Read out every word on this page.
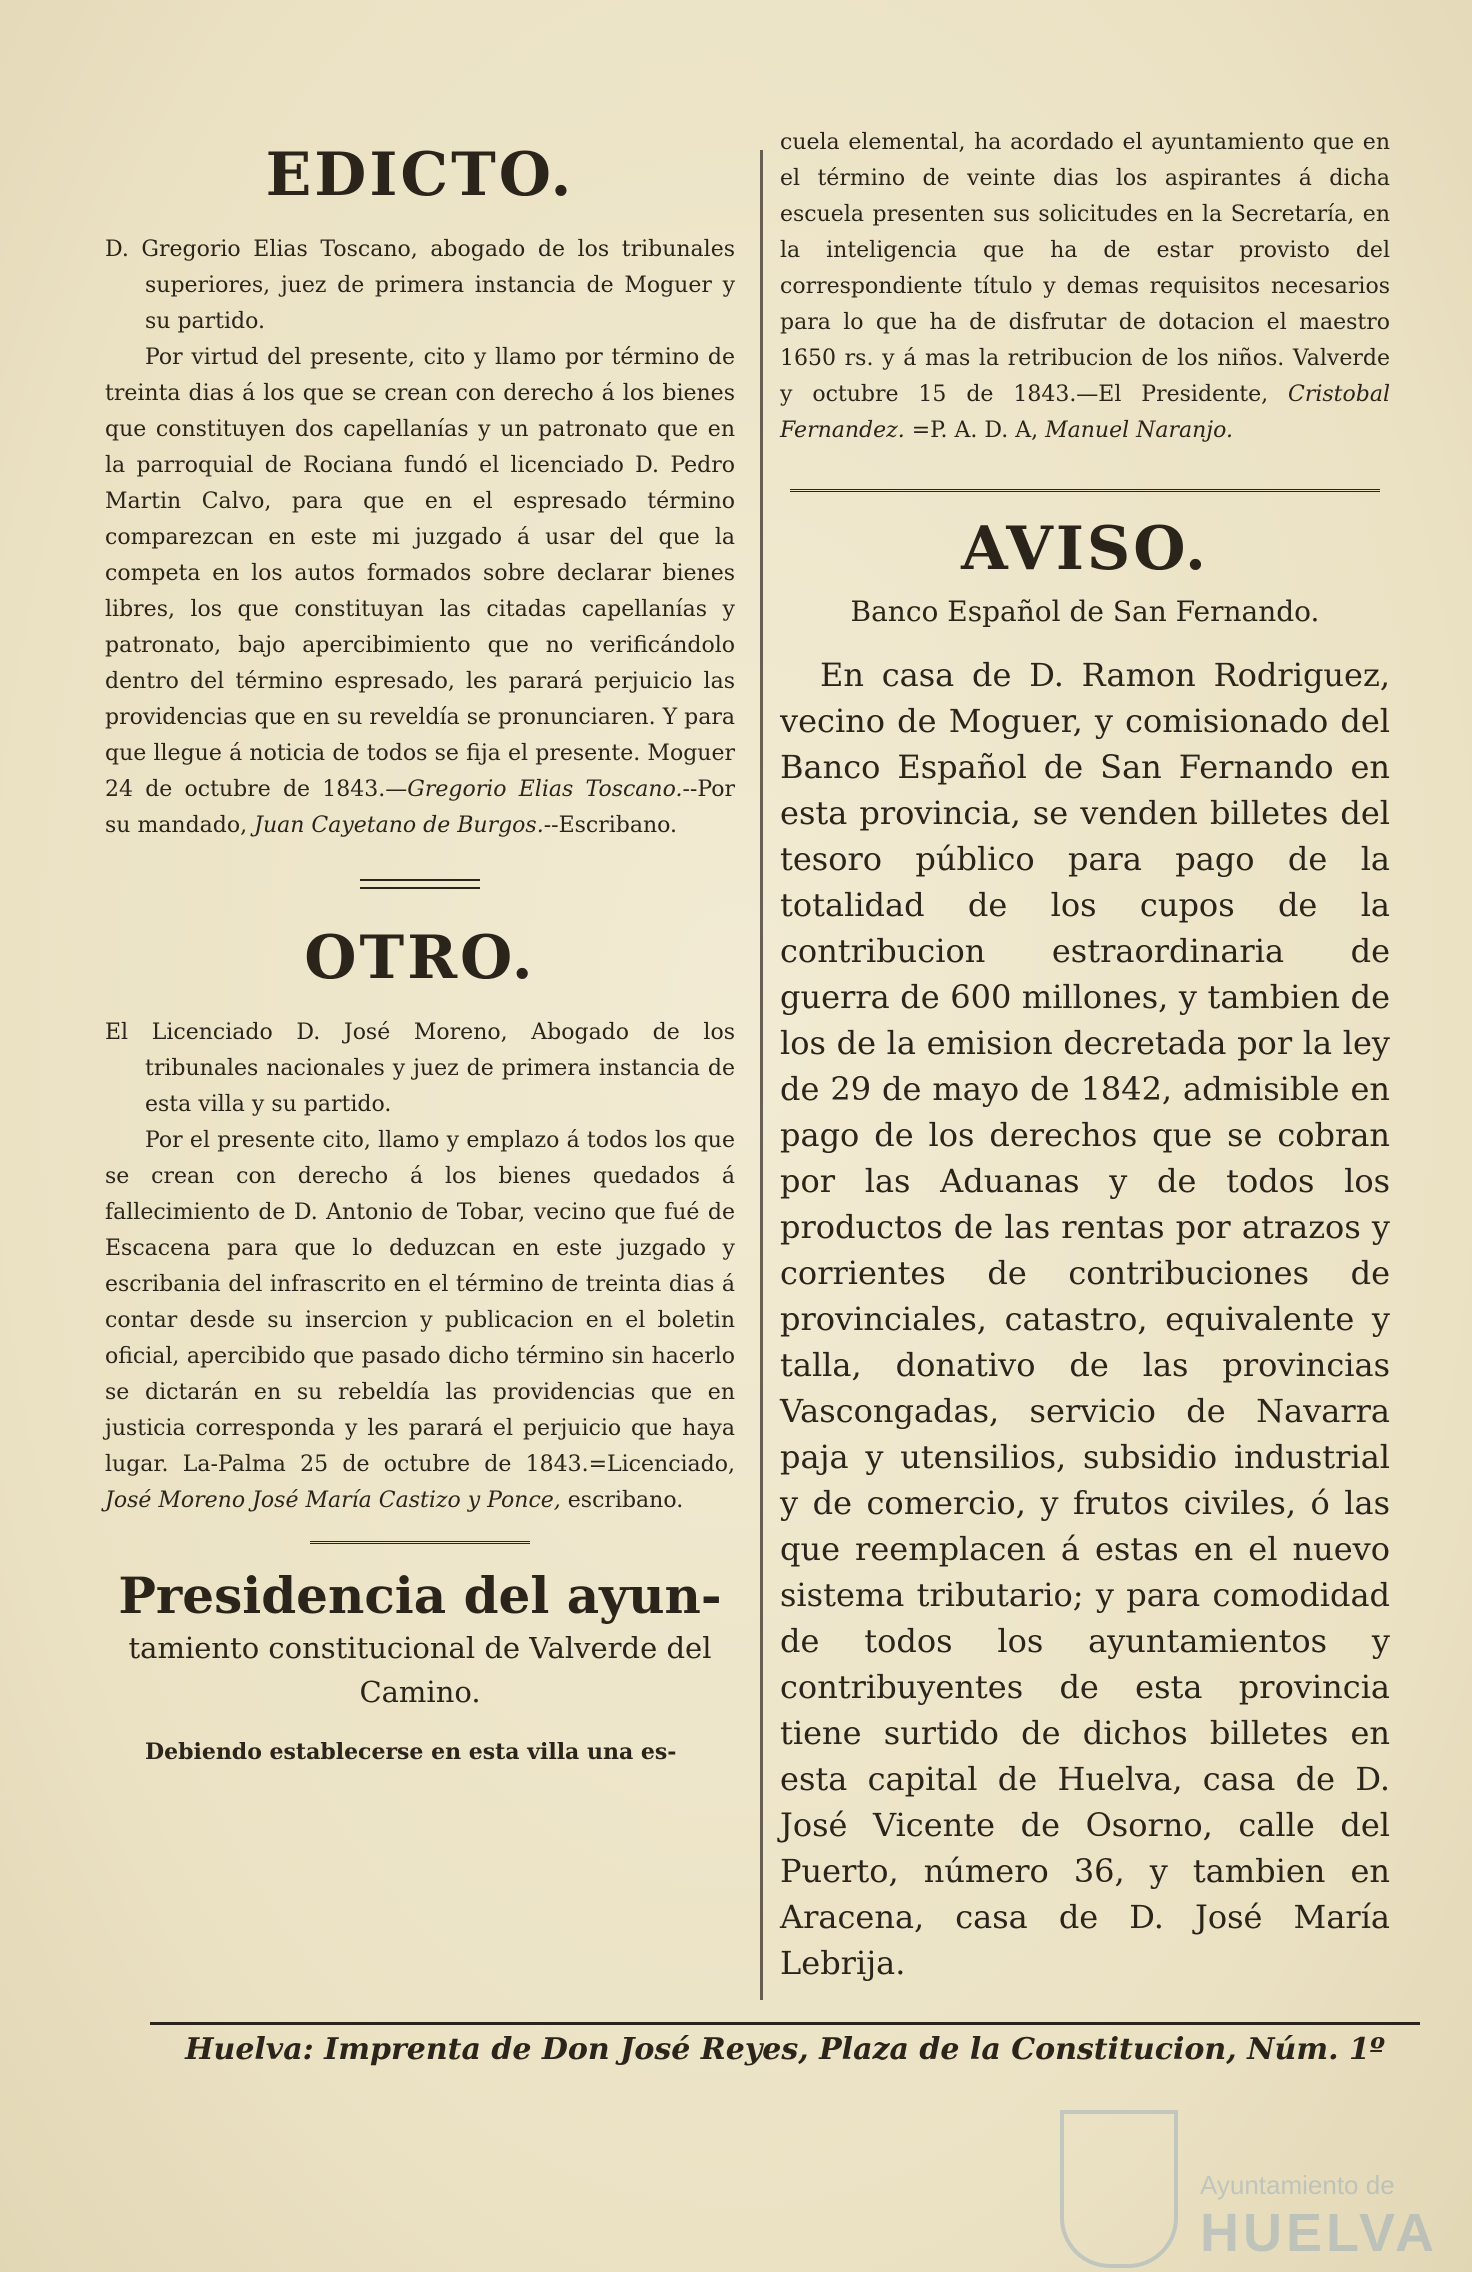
EDICTO.

D. Gregorio Elias Toscano, abogado de los tribunales superiores, juez de primera instancia de Moguer y su partido.

Por virtud del presente, cito y llamo por término de treinta dias á los que se crean con derecho á los bienes que constituyen dos capellanías y un patronato que en la parroquial de Rociana fundó el licenciado D. Pedro Martin Calvo, para que en el espresado término comparezcan en este mi juzgado á usar del que la competa en los autos formados sobre declarar bienes libres, los que constituyan las citadas capellanías y patronato, bajo apercibimiento que no verificándolo dentro del término espresado, les parará perjuicio las providencias que en su reveldía se pronunciaren. Y para que llegue á noticia de todos se fija el presente. Moguer 24 de octubre de 1843.—Gregorio Elias Toscano.--Por su mandado, Juan Cayetano de Burgos.--Escribano.

OTRO.

El Licenciado D. José Moreno, Abogado de los tribunales nacionales y juez de primera instancia de esta villa y su partido.

Por el presente cito, llamo y emplazo á todos los que se crean con derecho á los bienes quedados á fallecimiento de D. Antonio de Tobar, vecino que fué de Escacena para que lo deduzcan en este juzgado y escribania del infrascrito en el término de treinta dias á contar desde su insercion y publicacion en el boletin oficial, apercibido que pasado dicho término sin hacerlo se dictarán en su rebeldía las providencias que en justicia corresponda y les parará el perjuicio que haya lugar. La-Palma 25 de octubre de 1843.=Licenciado, José Moreno José María Castizo y Ponce, escribano.

Presidencia del ayun-

tamiento constitucional de Valverde del Camino.

Debiendo establecerse en esta villa una es-

cuela elemental, ha acordado el ayuntamiento que en el término de veinte dias los aspirantes á dicha escuela presenten sus solicitudes en la Secretaría, en la inteligencia que ha de estar provisto del correspondiente título y demas requisitos necesarios para lo que ha de disfrutar de dotacion el maestro 1650 rs. y á mas la retribucion de los niños. Valverde y octubre 15 de 1843.—El Presidente, Cristobal Fernandez. =P. A. D. A, Manuel Naranjo.

AVISO.

Banco Español de San Fernando.

En casa de D. Ramon Rodriguez, vecino de Moguer, y comisionado del Banco Español de San Fernando en esta provincia, se venden billetes del tesoro público para pago de la totalidad de los cupos de la contribucion estraordinaria de guerra de 600 millones, y tambien de los de la emision decretada por la ley de 29 de mayo de 1842, admisible en pago de los derechos que se cobran por las Aduanas y de todos los productos de las rentas por atrazos y corrientes de contribuciones de provinciales, catastro, equivalente y talla, donativo de las provincias Vascongadas, servicio de Navarra paja y utensilios, subsidio industrial y de comercio, y frutos civiles, ó las que reemplacen á estas en el nuevo sistema tributario; y para comodidad de todos los ayuntamientos y contribuyentes de esta provincia tiene surtido de dichos billetes en esta capital de Huelva, casa de D. José Vicente de Osorno, calle del Puerto, número 36, y tambien en Aracena, casa de D. José María Lebrija.

Huelva: Imprenta de Don José Reyes, Plaza de la Constitucion, Núm. 1º
Ayuntamiento de
HUELVA
